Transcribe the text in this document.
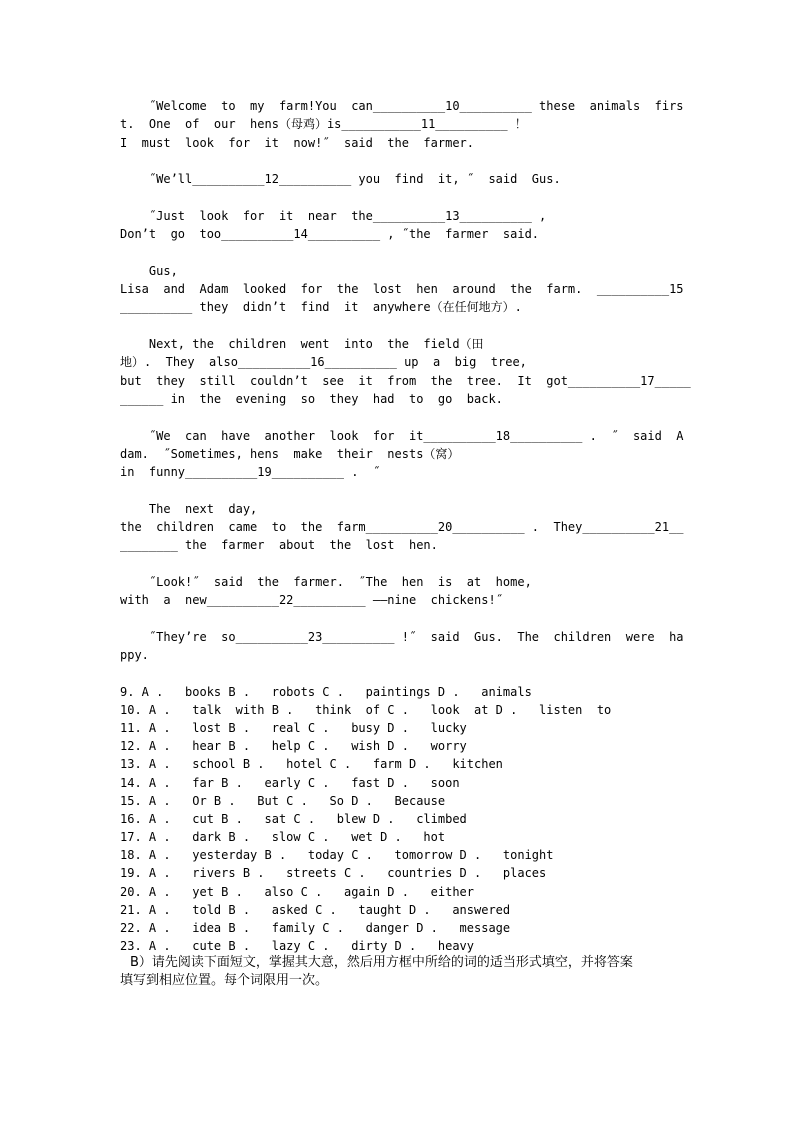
˝Welcome  to  my  farm!You  can__________10__________ these  animals  firs
t.  One  of  our  hens（母鸡）is___________11__________ ！
I  must  look  for  it  now!˝  said  the  farmer.
˝We’ll__________12__________ you  find  it, ˝  said  Gus.
˝Just  look  for  it  near  the__________13__________ ,
Don’t  go  too__________14__________ , ˝the  farmer  said.
Gus,
Lisa  and  Adam  looked  for  the  lost  hen  around  the  farm.  __________15
__________ they  didn’t  find  it  anywhere（在任何地方）.
Next, the  children  went  into  the  field（田
地）.  They  also__________16__________ up  a  big  tree,
but  they  still  couldn’t  see  it  from  the  tree.  It  got__________17_____
______ in  the  evening  so  they  had  to  go  back.
˝We  can  have  another  look  for  it__________18__________ .  ˝  said  A
dam.  ˝Sometimes, hens  make  their  nests（窝）
in  funny__________19__________ .  ˝
The  next  day,
the  children  came  to  the  farm__________20__________ .  They__________21__
________ the  farmer  about  the  lost  hen.
˝Look!˝  said  the  farmer.  ˝The  hen  is  at  home,
with  a  new__________22__________ ——nine  chickens!˝
˝They’re  so__________23__________ !˝  said  Gus.  The  children  were  ha
ppy.
9. A .   books B .   robots C .   paintings D .   animals
10. A .   talk  with B .   think  of C .   look  at D .   listen  to
11. A .   lost B .   real C .   busy D .   lucky
12. A .   hear B .   help C .   wish D .   worry
13. A .   school B .   hotel C .   farm D .   kitchen
14. A .   far B .   early C .   fast D .   soon
15. A .   Or B .   But C .   So D .   Because
16. A .   cut B .   sat C .   blew D .   climbed
17. A .   dark B .   slow C .   wet D .   hot
18. A .   yesterday B .   today C .   tomorrow D .   tonight
19. A .   rivers B .   streets C .   countries D .   places
20. A .   yet B .   also C .   again D .   either
21. A .   told B .   asked C .   taught D .   answered
22. A .   idea B .   family C .   danger D .   message
23. A .   cute B .   lazy C .   dirty D .   heavy
B）请先阅读下面短文，掌握其大意，然后用方框中所给的词的适当形式填空，并将答案
填写到相应位置。每个词限用一次。
